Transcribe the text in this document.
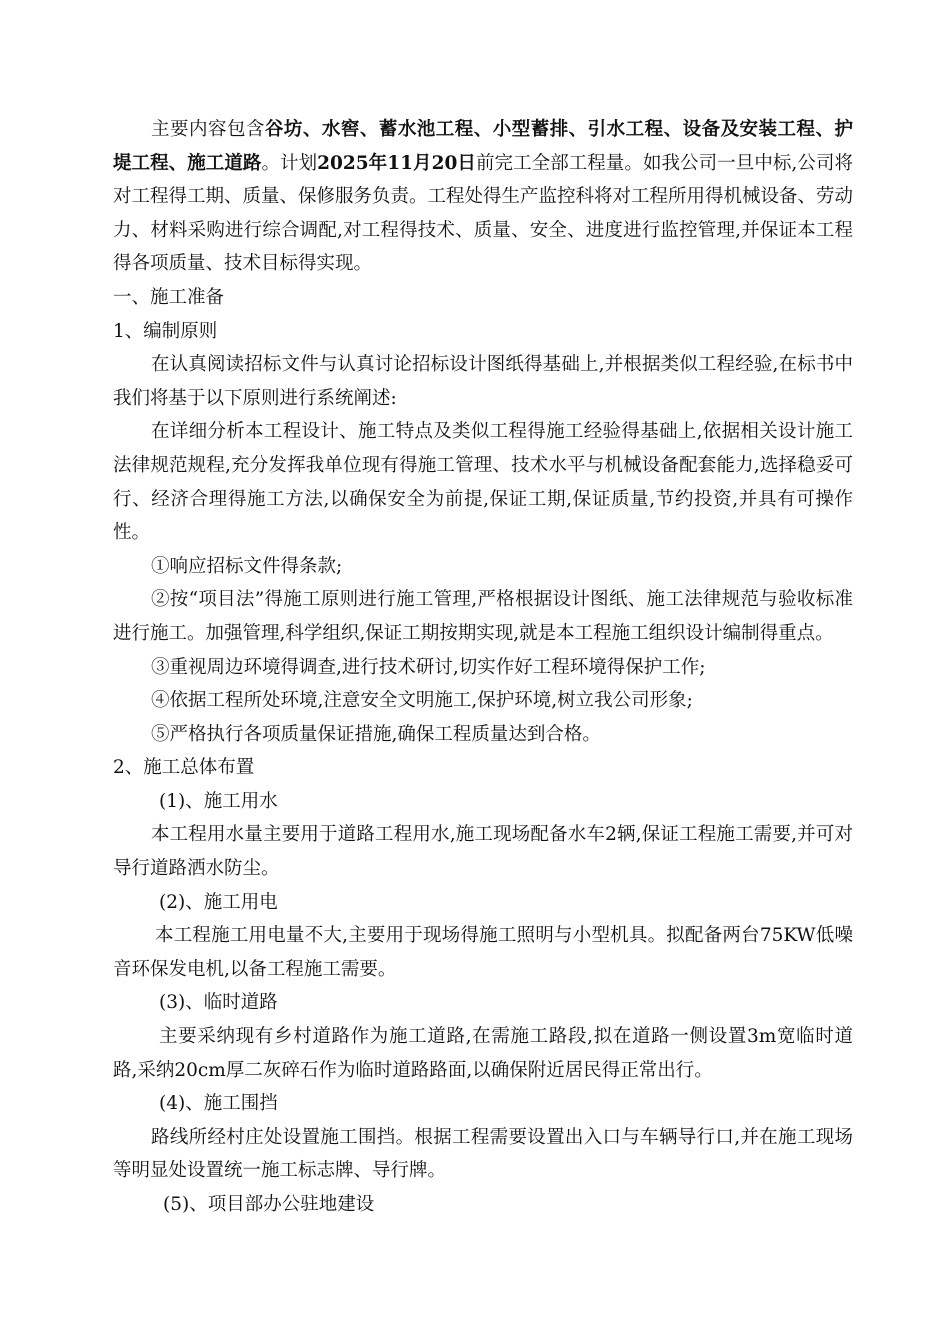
主要内容包含谷坊、水窖、蓄水池工程、小型蓄排、引水工程、设备及安装工程、护堤工程、施工道路。计划2025年11月20日前完工全部工程量。如我公司一旦中标,公司将对工程得工期、质量、保修服务负责。工程处得生产监控科将对工程所用得机械设备、劳动力、材料采购进行综合调配,对工程得技术、质量、安全、进度进行监控管理,并保证本工程得各项质量、技术目标得实现。

一、施工准备

1、编制原则

在认真阅读招标文件与认真讨论招标设计图纸得基础上,并根据类似工程经验,在标书中我们将基于以下原则进行系统阐述:

在详细分析本工程设计、施工特点及类似工程得施工经验得基础上,依据相关设计施工法律规范规程,充分发挥我单位现有得施工管理、技术水平与机械设备配套能力,选择稳妥可行、经济合理得施工方法,以确保安全为前提,保证工期,保证质量,节约投资,并具有可操作性。

①响应招标文件得条款;

②按“项目法”得施工原则进行施工管理,严格根据设计图纸、施工法律规范与验收标准进行施工。加强管理,科学组织,保证工期按期实现,就是本工程施工组织设计编制得重点。

③重视周边环境得调查,进行技术研讨,切实作好工程环境得保护工作;

④依据工程所处环境,注意安全文明施工,保护环境,树立我公司形象;

⑤严格执行各项质量保证措施,确保工程质量达到合格。

2、施工总体布置

(1)、施工用水

本工程用水量主要用于道路工程用水,施工现场配备水车2辆,保证工程施工需要,并可对导行道路洒水防尘。

(2)、施工用电

本工程施工用电量不大,主要用于现场得施工照明与小型机具。拟配备两台75KW低噪音环保发电机,以备工程施工需要。

(3)、临时道路

主要采纳现有乡村道路作为施工道路,在需施工路段,拟在道路一侧设置3m宽临时道路,采纳20cm厚二灰碎石作为临时道路路面,以确保附近居民得正常出行。

(4)、施工围挡

路线所经村庄处设置施工围挡。根据工程需要设置出入口与车辆导行口,并在施工现场等明显处设置统一施工标志牌、导行牌。

(5)、项目部办公驻地建设
